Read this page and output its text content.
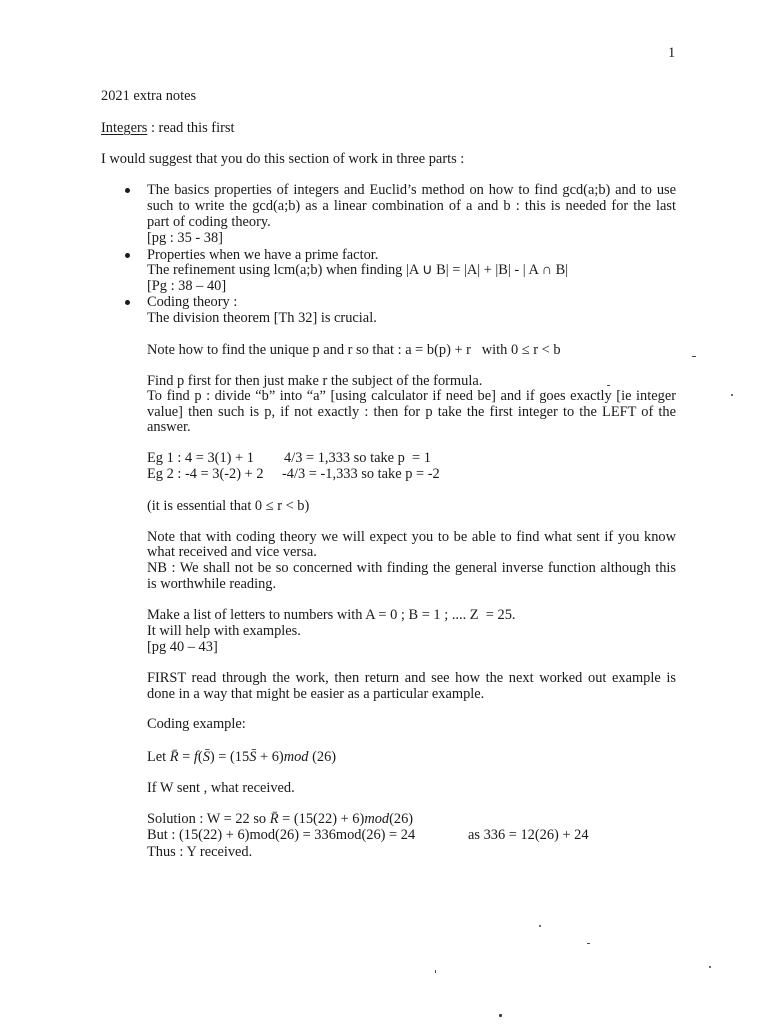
1
2021 extra notes
Integers : read this first
I would suggest that you do this section of work in three parts :
The basics properties of integers and Euclid’s method on how to find gcd(a;b) and to use
such to write the gcd(a;b) as a linear combination of a and b : this is needed for the last
part of coding theory.
[pg : 35 - 38]
Properties when we have a prime factor.
The refinement using lcm(a;b) when finding |A ∪ B| = |A| + |B| - | A ∩ B|
[Pg : 38 – 40]
Coding theory :
The division theorem [Th 32] is crucial.
Note how to find the unique p and r so that : a = b(p) + r   with 0 ≤ r < b
Find p first for then just make r the subject of the formula.
To find p : divide “b” into “a” [using calculator if need be] and if goes exactly [ie integer
value] then such is p, if not exactly : then for p take the first integer to the LEFT of the
answer.
Eg 1 : 4 = 3(1) + 1 4/3 = 1,333 so take p  = 1
Eg 2 : -4 = 3(-2) + 2 -4/3 = -1,333 so take p = -2
(it is essential that 0 ≤ r < b)
Note that with coding theory we will expect you to be able to find what sent if you know
what received and vice versa.
NB : We shall not be so concerned with finding the general inverse function although this
is worthwhile reading.
Make a list of letters to numbers with A = 0 ; B = 1 ; .... Z  = 25.
It will help with examples.
[pg 40 – 43]
FIRST read through the work, then return and see how the next worked out example is
done in a way that might be easier as a particular example.
Coding example:
Let R̄ = f(S̄) = (15S̄ + 6)mod (26)
If W sent , what received.
Solution : W = 22 so R̄ = (15(22) + 6)mod(26)
But : (15(22) + 6)mod(26) = 336mod(26) = 24	as 336 = 12(26) + 24
Thus : Y received.
